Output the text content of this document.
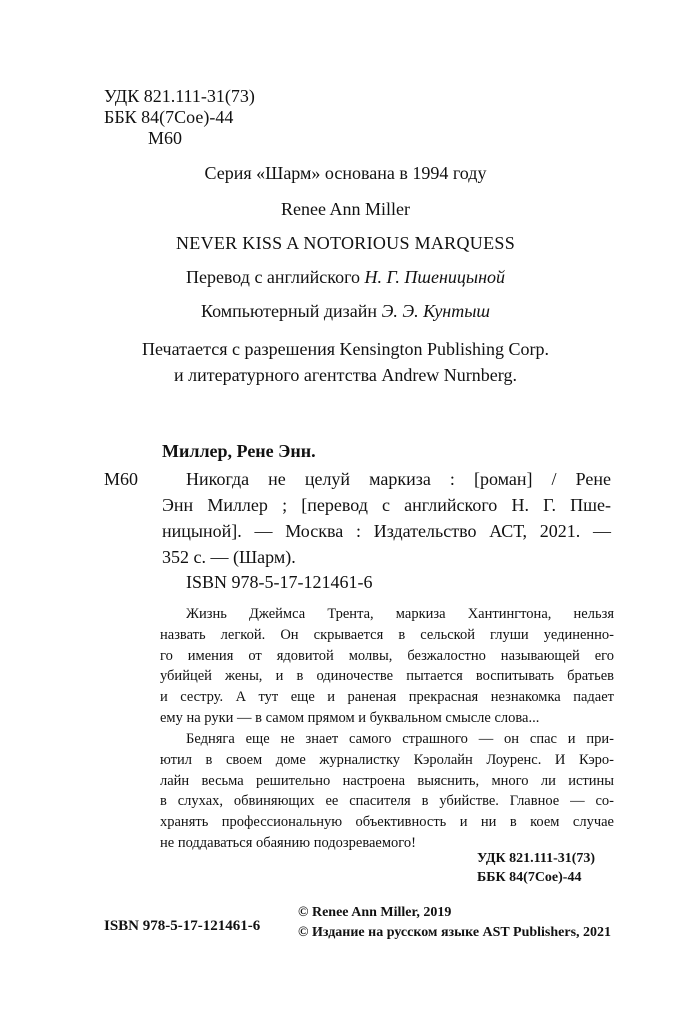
УДК 821.111-31(73)
ББК 84(7Сое)-44
М60
Серия «Шарм» основана в 1994 году
Renee Ann Miller
NEVER KISS A NOTORIOUS MARQUESS
Перевод с английского Н. Г. Пшеницыной
Компьютерный дизайн Э. Э. Кунтыш
Печатается с разрешения Kensington Publishing Corp.
и литературного агентства Andrew Nurnberg.
Миллер, Рене Энн.
М60	Никогда не целуй маркиза : [роман] / Рене
Энн Миллер ; [перевод с английского Н. Г. Пше-
ницыной]. — Москва : Издательство АСТ, 2021. —
352 с. — (Шарм).
ISBN 978-5-17-121461-6
Жизнь Джеймса Трента, маркиза Хантингтона, нельзя
назвать легкой. Он скрывается в сельской глуши уединенно-
го имения от ядовитой молвы, безжалостно называющей его
убийцей жены, и в одиночестве пытается воспитывать братьев
и сестру. А тут еще и раненая прекрасная незнакомка падает
ему на руки — в самом прямом и буквальном смысле слова...
Бедняга еще не знает самого страшного — он спас и при-
ютил в своем доме журналистку Кэролайн Лоуренс. И Кэро-
лайн весьма решительно настроена выяснить, много ли истины
в слухах, обвиняющих ее спасителя в убийстве. Главное — со-
хранять профессиональную объективность и ни в коем случае
не поддаваться обаянию подозреваемого!
УДК 821.111-31(73)
ББК 84(7Сое)-44
ISBN 978-5-17-121461-6
© Renee Ann Miller, 2019
© Издание на русском языке AST Publishers, 2021
